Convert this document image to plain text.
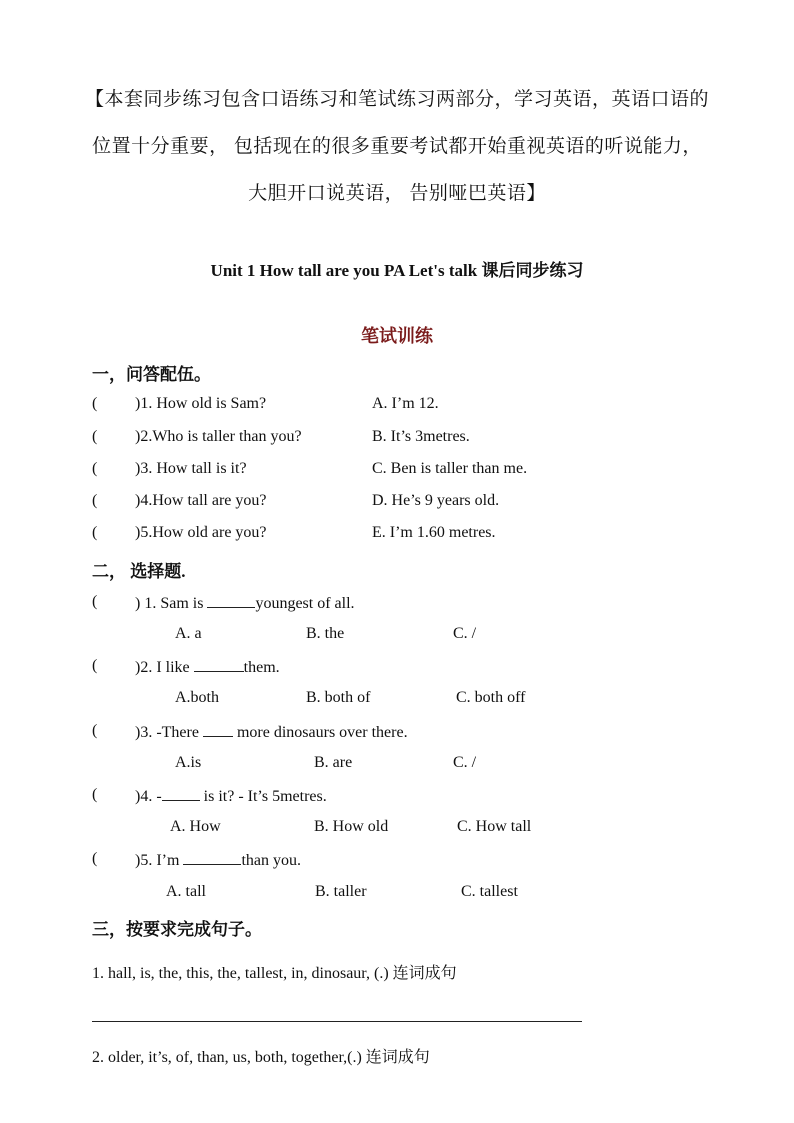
【本套同步练习包含口语练习和笔试练习两部分，学习英语，英语口语的
位置十分重要， 包括现在的很多重要考试都开始重视英语的听说能力，
大胆开口说英语， 告别哑巴英语】
Unit 1 How tall are you PA Let's talk 课后同步练习
笔试训练
一，问答配伍。
( )1. How old is Sam?	A. I’m 12.
( )2.Who is taller than you?	B. It’s 3metres.
( )3. How tall is it?	C. Ben is taller than me.
( )4.How tall are you?	D. He’s 9 years old.
( )5.How old are you?	E. I’m 1.60 metres.
二， 选择题.
( ) 1. Sam is	youngest of all.
A. a	B. the	C. /
( )2. I like	them.
A.both	B. both of	C. both off
( )3. -There  more dinosaurs over there.
A.is	B. are	C. /
( )4. - is it? - It’s 5metres.
A. How	B. How old	C. How tall
( )5. I’m	than you.
A. tall	B. taller	C. tallest
三，按要求完成句子。
1. hall, is, the, this, the, tallest, in, dinosaur, (.) 连词成句
2. older, it’s, of, than, us, both, together,(.) 连词成句
